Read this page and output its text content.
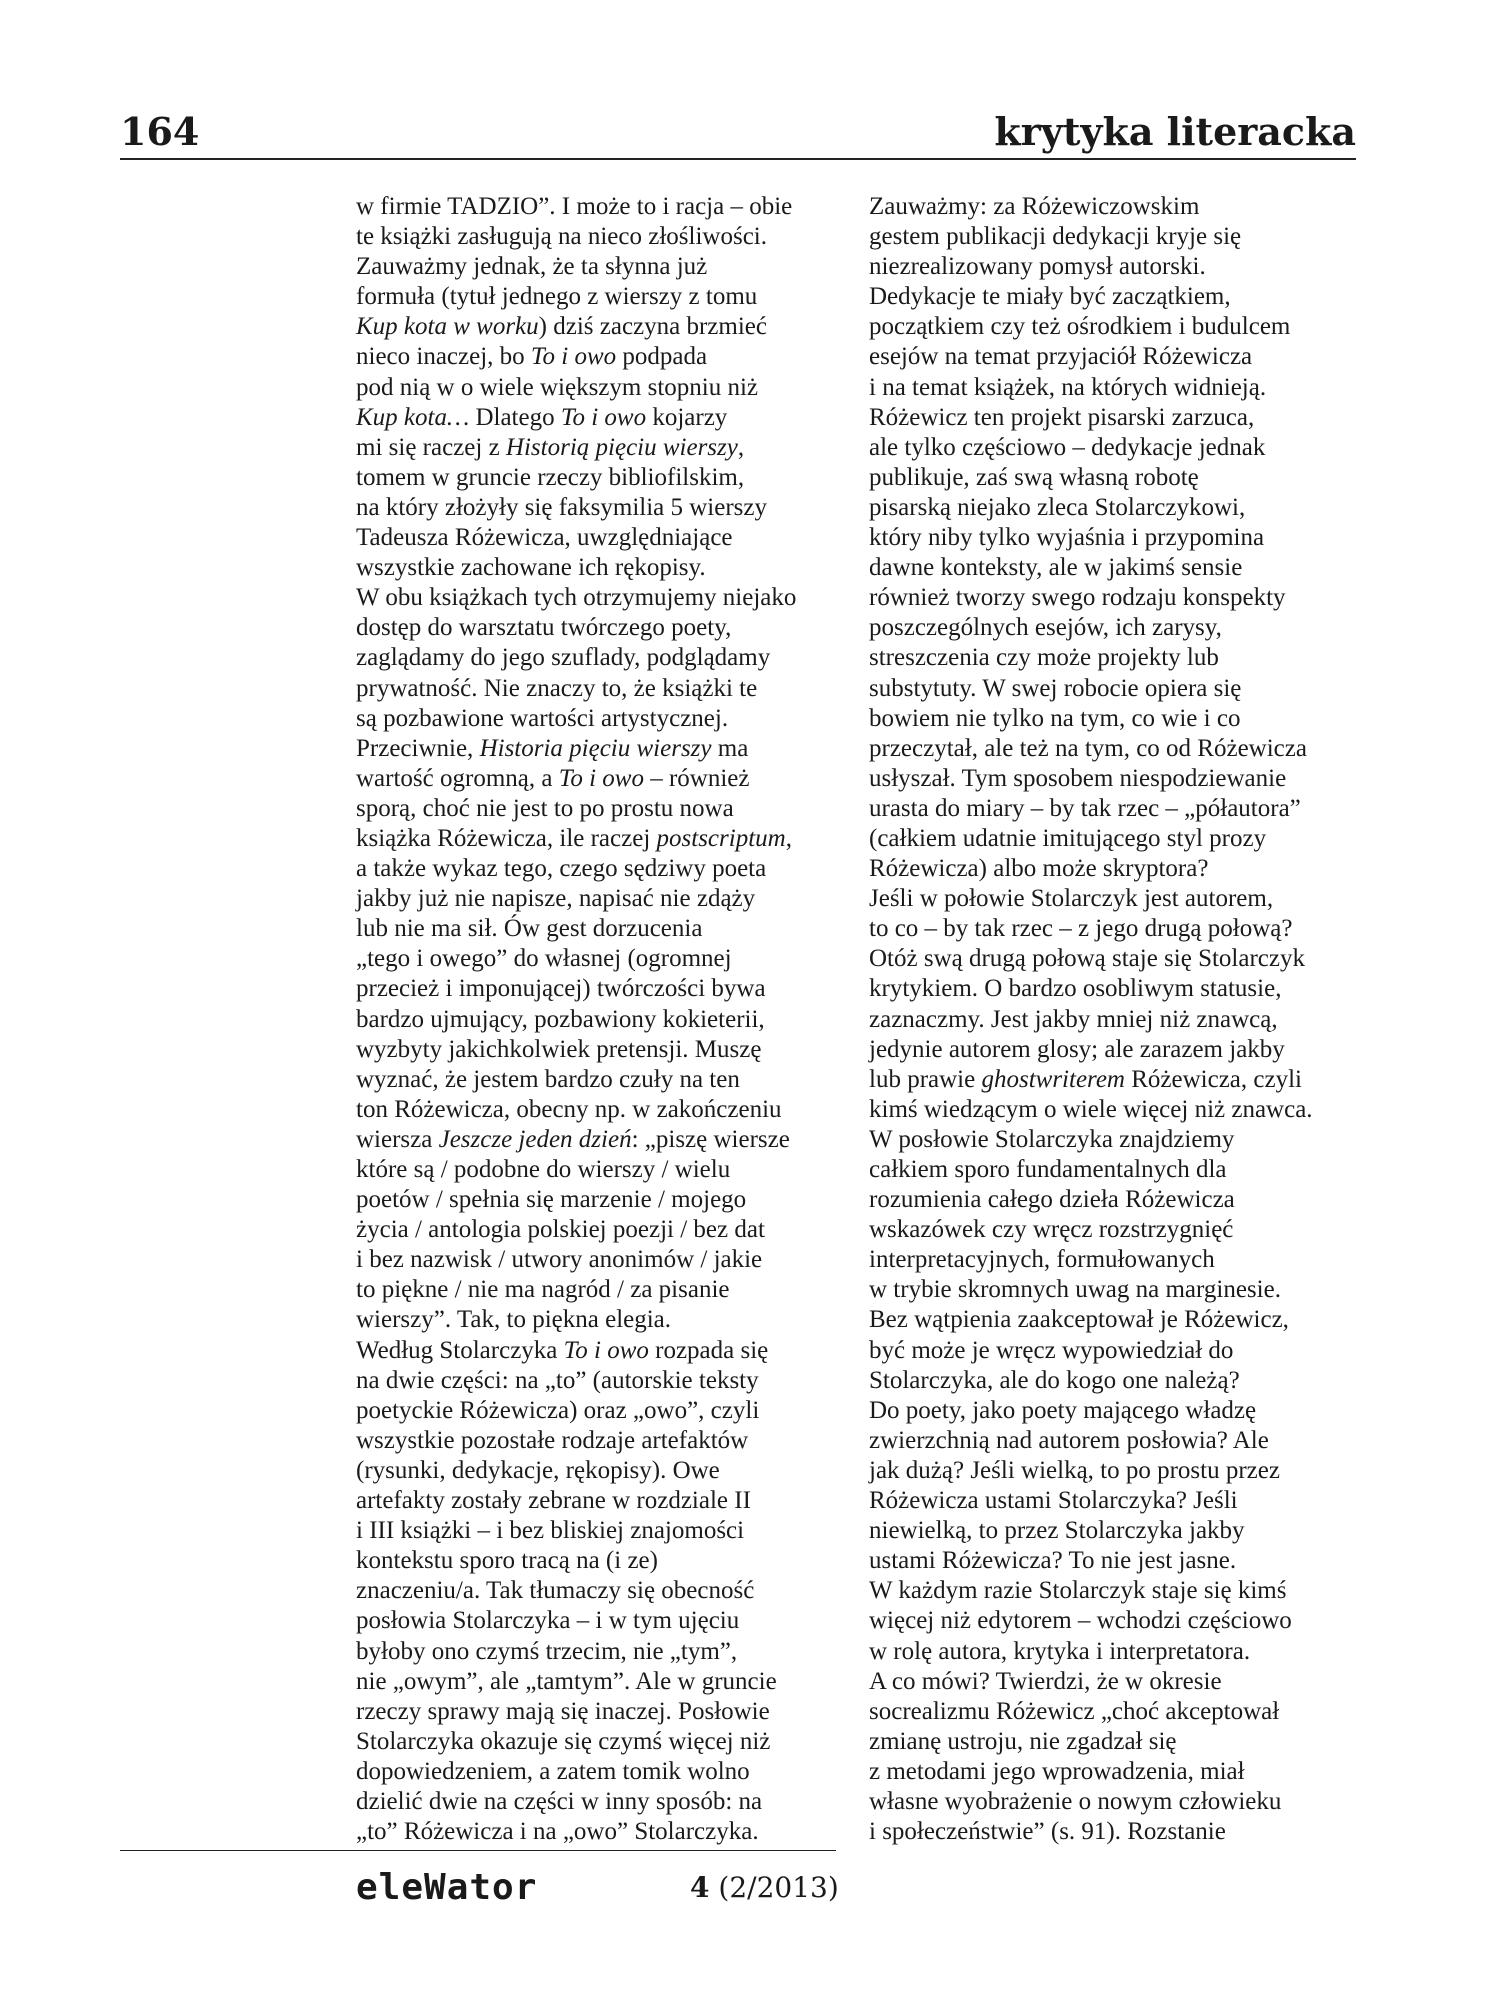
164	krytyka literacka
w firmie TADZIO”. I może to i racja – obie
te książki zasługują na nieco złośliwości.
Zauważmy jednak, że ta słynna już
formuła (tytuł jednego z wierszy z tomu
Kup kota w worku) dziś zaczyna brzmieć
nieco inaczej, bo To i owo podpada
pod nią w o wiele większym stopniu niż
Kup kota… Dlatego To i owo kojarzy
mi się raczej z Historią pięciu wierszy,
tomem w gruncie rzeczy bibliofilskim,
na który złożyły się faksymilia 5 wierszy
Tadeusza Różewicza, uwzględniające
wszystkie zachowane ich rękopisy.
W obu książkach tych otrzymujemy niejako
dostęp do warsztatu twórczego poety,
zaglądamy do jego szuflady, podglądamy
prywatność. Nie znaczy to, że książki te
są pozbawione wartości artystycznej.
Przeciwnie, Historia pięciu wierszy ma
wartość ogromną, a To i owo – również
sporą, choć nie jest to po prostu nowa
książka Różewicza, ile raczej postscriptum,
a także wykaz tego, czego sędziwy poeta
jakby już nie napisze, napisać nie zdąży
lub nie ma sił. Ów gest dorzucenia
„tego i owego” do własnej (ogromnej
przecież i imponującej) twórczości bywa
bardzo ujmujący, pozbawiony kokieterii,
wyzbyty jakichkolwiek pretensji. Muszę
wyznać, że jestem bardzo czuły na ten
ton Różewicza, obecny np. w zakończeniu
wiersza Jeszcze jeden dzień: „piszę wiersze
które są / podobne do wierszy / wielu
poetów / spełnia się marzenie / mojego
życia / antologia polskiej poezji / bez dat
i bez nazwisk / utwory anonimów / jakie
to piękne / nie ma nagród / za pisanie
wierszy”. Tak, to piękna elegia.
Według Stolarczyka To i owo rozpada się
na dwie części: na „to” (autorskie teksty
poetyckie Różewicza) oraz „owo”, czyli
wszystkie pozostałe rodzaje artefaktów
(rysunki, dedykacje, rękopisy). Owe
artefakty zostały zebrane w rozdziale II
i III książki – i bez bliskiej znajomości
kontekstu sporo tracą na (i ze)
znaczeniu/a. Tak tłumaczy się obecność
posłowia Stolarczyka – i w tym ujęciu
byłoby ono czymś trzecim, nie „tym”,
nie „owym”, ale „tamtym”. Ale w gruncie
rzeczy sprawy mają się inaczej. Posłowie
Stolarczyka okazuje się czymś więcej niż
dopowiedzeniem, a zatem tomik wolno
dzielić dwie na części w inny sposób: na
„to” Różewicza i na „owo” Stolarczyka.
Zauważmy: za Różewiczowskim
gestem publikacji dedykacji kryje się
niezrealizowany pomysł autorski.
Dedykacje te miały być zaczątkiem,
początkiem czy też ośrodkiem i budulcem
esejów na temat przyjaciół Różewicza
i na temat książek, na których widnieją.
Różewicz ten projekt pisarski zarzuca,
ale tylko częściowo – dedykacje jednak
publikuje, zaś swą własną robotę
pisarską niejako zleca Stolarczykowi,
który niby tylko wyjaśnia i przypomina
dawne konteksty, ale w jakimś sensie
również tworzy swego rodzaju konspekty
poszczególnych esejów, ich zarysy,
streszczenia czy może projekty lub
substytuty. W swej robocie opiera się
bowiem nie tylko na tym, co wie i co
przeczytał, ale też na tym, co od Różewicza
usłyszał. Tym sposobem niespodziewanie
urasta do miary – by tak rzec – „półautora”
(całkiem udatnie imitującego styl prozy
Różewicza) albo może skryptora?
Jeśli w połowie Stolarczyk jest autorem,
to co – by tak rzec – z jego drugą połową?
Otóż swą drugą połową staje się Stolarczyk
krytykiem. O bardzo osobliwym statusie,
zaznaczmy. Jest jakby mniej niż znawcą,
jedynie autorem glosy; ale zarazem jakby
lub prawie ghostwriterem Różewicza, czyli
kimś wiedzącym o wiele więcej niż znawca.
W posłowie Stolarczyka znajdziemy
całkiem sporo fundamentalnych dla
rozumienia całego dzieła Różewicza
wskazówek czy wręcz rozstrzygnięć
interpretacyjnych, formułowanych
w trybie skromnych uwag na marginesie.
Bez wątpienia zaakceptował je Różewicz,
być może je wręcz wypowiedział do
Stolarczyka, ale do kogo one należą?
Do poety, jako poety mającego władzę
zwierzchnią nad autorem posłowia? Ale
jak dużą? Jeśli wielką, to po prostu przez
Różewicza ustami Stolarczyka? Jeśli
niewielką, to przez Stolarczyka jakby
ustami Różewicza? To nie jest jasne.
W każdym razie Stolarczyk staje się kimś
więcej niż edytorem – wchodzi częściowo
w rolę autora, krytyka i interpretatora.
A co mówi? Twierdzi, że w okresie
socrealizmu Różewicz „choć akceptował
zmianę ustroju, nie zgadzał się
z metodami jego wprowadzenia, miał
własne wyobrażenie o nowym człowieku
i społeczeństwie” (s. 91). Rozstanie
eleWator	4 (2/2013)
